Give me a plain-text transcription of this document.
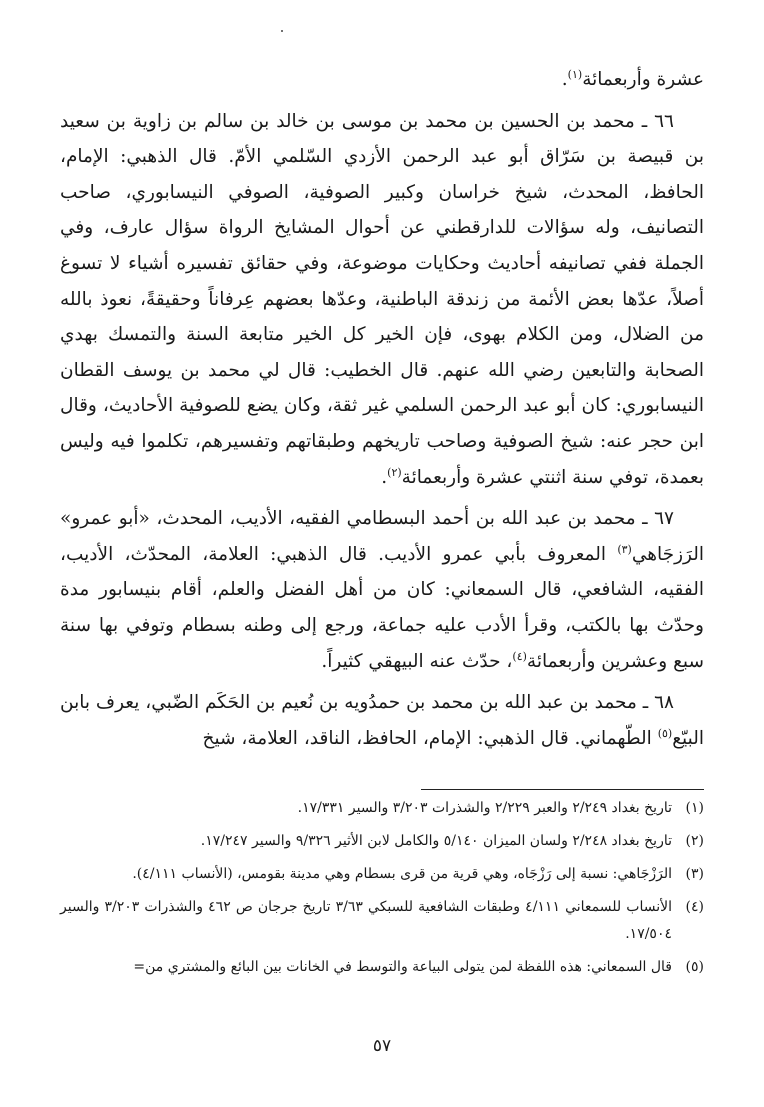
عشرة وأربعمائة$^{(١)}$.

٦٦ ـ محمد بن الحسين بن محمد بن موسى بن خالد بن سالم بن زاوية بن سعيد بن قبيصة بن سَرّاق أبو عبد الرحمن الأزدي السّلمي الأمّ. قال الذهبي: الإمام، الحافظ، المحدث، شيخ خراسان وكبير الصوفية، الصوفي النيسابوري، صاحب التصانيف، وله سؤالات للدارقطني عن أحوال المشايخ الرواة سؤال عارف، وفي الجملة ففي تصانيفه أحاديث وحكايات موضوعة، وفي حقائق تفسيره أشياء لا تسوغ أصلاً، عدّها بعض الأئمة من زندقة الباطنية، وعدّها بعضهم عِرفاناً وحقيقةً، نعوذ بالله من الضلال، ومن الكلام بهوى، فإن الخير كل الخير متابعة السنة والتمسك بهدي الصحابة والتابعين رضي الله عنهم. قال الخطيب: قال لي محمد بن يوسف القطان النيسابوري: كان أبو عبد الرحمن السلمي غير ثقة، وكان يضع للصوفية الأحاديث، وقال ابن حجر عنه: شيخ الصوفية وصاحب تاريخهم وطبقاتهم وتفسيرهم، تكلموا فيه وليس بعمدة، توفي سنة اثنتي عشرة وأربعمائة$^{(٢)}$.

٦٧ ـ محمد بن عبد الله بن أحمد البسطامي الفقيه، الأديب، المحدث، «أبو عمرو» الرَزجَاهي$^{(٣)}$ المعروف بأبي عمرو الأديب. قال الذهبي: العلامة، المحدّث، الأديب، الفقيه، الشافعي، قال السمعاني: كان من أهل الفضل والعلم، أقام بنيسابور مدة وحدّث بها بالكتب، وقرأ الأدب عليه جماعة، ورجع إلى وطنه بسطام وتوفي بها سنة سبع وعشرين وأربعمائة$^{(٤)}$، حدّث عنه البيهقي كثيراً.

٦٨ ـ محمد بن عبد الله بن محمد بن حمدُويه بن نُعيم بن الحَكَم الضّبي، يعرف بابن البيّع$^{(٥)}$ الطّهماني. قال الذهبي: الإمام، الحافظ، الناقد، العلامة، شيخ

(١)
تاريخ بغداد ٢/٢٤٩ والعبر ٢/٢٢٩ والشذرات ٣/٢٠٣ والسير ١٧/٣٣١.
(٢)
تاريخ بغداد ٢/٢٤٨ ولسان الميزان ٥/١٤٠ والكامل لابن الأثير ٩/٣٢٦ والسير ١٧/٢٤٧.
(٣)
الرَزْجَاهي: نسبة إلى رَزْجَاه، وهي قرية من قرى بسطام وهي مدينة بقومس، (الأنساب ٤/١١١).
(٤)
الأنساب للسمعاني ٤/١١١ وطبقات الشافعية للسبكي ٣/٦٣ تاريخ جرجان ص ٤٦٢ والشذرات ٣/٢٠٣ والسير ١٧/٥٠٤.
(٥)
قال السمعاني: هذه اللفظة لمن يتولى البياعة والتوسط في الخانات بين البائع والمشتري من=
٥٧
